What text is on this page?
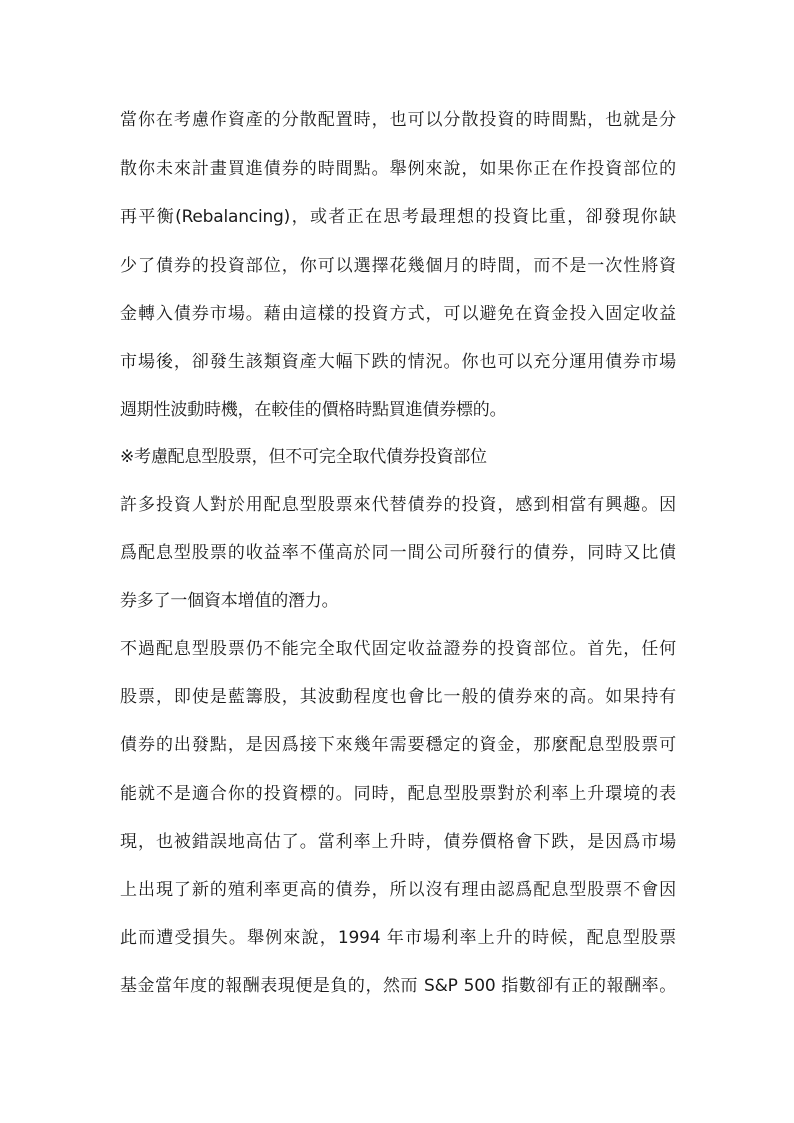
當你在考慮作資產的分散配置時，也可以分散投資的時間點，也就是分
散你未來計畫買進債券的時間點。舉例來說，如果你正在作投資部位的
再平衡(Rebalancing)，或者正在思考最理想的投資比重，卻發現你缺
少了債券的投資部位，你可以選擇花幾個月的時間，而不是一次性將資
金轉入債券市場。藉由這樣的投資方式，可以避免在資金投入固定收益
市場後，卻發生該類資產大幅下跌的情況。你也可以充分運用債券市場
週期性波動時機，在較佳的價格時點買進債券標的。
※考慮配息型股票，但不可完全取代債券投資部位
許多投資人對於用配息型股票來代替債券的投資，感到相當有興趣。因
爲配息型股票的收益率不僅高於同一間公司所發行的債券，同時又比債
券多了一個資本增值的潛力。
不過配息型股票仍不能完全取代固定收益證券的投資部位。首先，任何
股票，即使是藍籌股，其波動程度也會比一般的債券來的高。如果持有
債券的出發點，是因爲接下來幾年需要穩定的資金，那麼配息型股票可
能就不是適合你的投資標的。同時，配息型股票對於利率上升環境的表
現，也被錯誤地高估了。當利率上升時，債券價格會下跌，是因爲市場
上出現了新的殖利率更高的債券，所以沒有理由認爲配息型股票不會因
此而遭受損失。舉例來說，1994 年市場利率上升的時候，配息型股票
基金當年度的報酬表現便是負的，然而 S&P 500 指數卻有正的報酬率。
